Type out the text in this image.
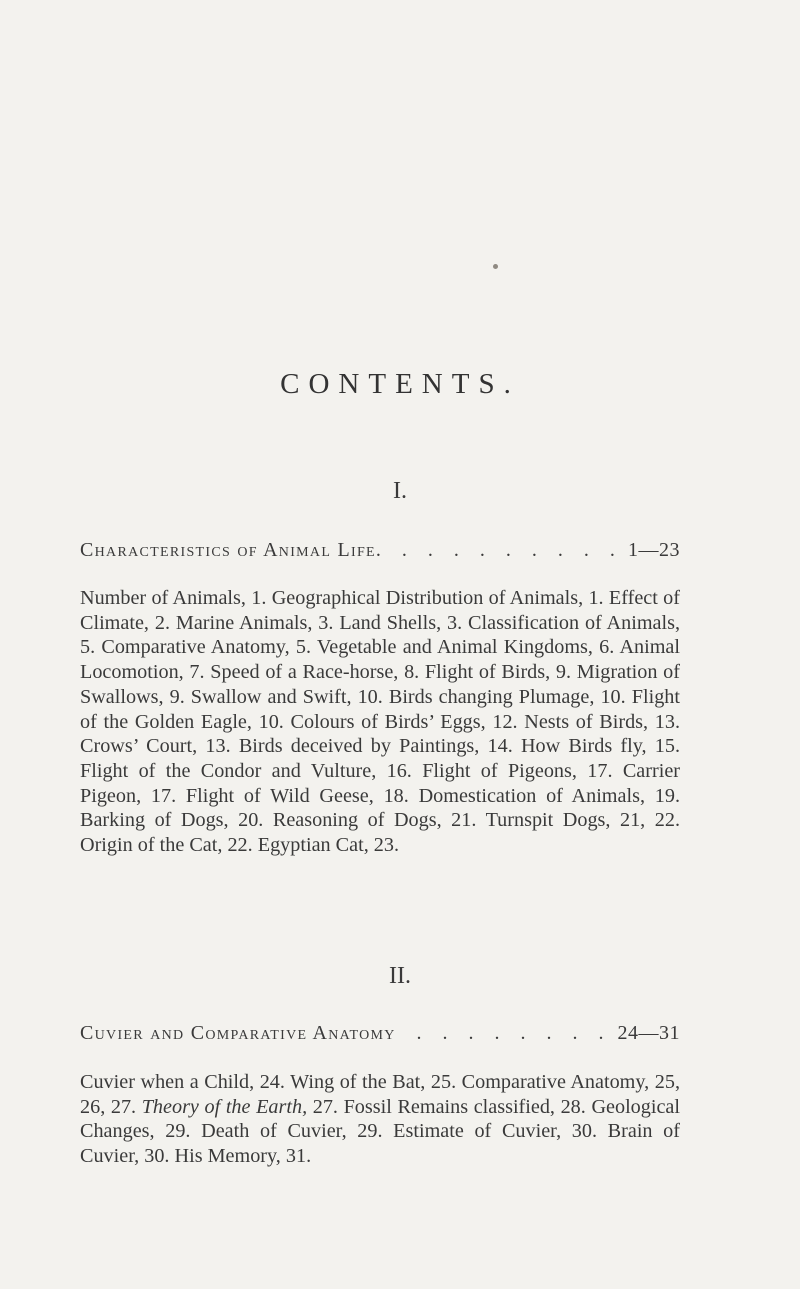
CONTENTS.
I.
Characteristics of Animal Life . . . . . . . . . . 1—23

Number of Animals, 1. Geographical Distribution of Animals, 1. Effect of Climate, 2. Marine Animals, 3. Land Shells, 3. Classification of Animals, 5. Comparative Anatomy, 5. Vegetable and Animal Kingdoms, 6. Animal Locomotion, 7. Speed of a Race-horse, 8. Flight of Birds, 9. Migration of Swallows, 9. Swallow and Swift, 10. Birds changing Plumage, 10. Flight of the Golden Eagle, 10. Colours of Birds’ Eggs, 12. Nests of Birds, 13. Crows’ Court, 13. Birds deceived by Paintings, 14. How Birds fly, 15. Flight of the Condor and Vulture, 16. Flight of Pigeons, 17. Carrier Pigeon, 17. Flight of Wild Geese, 18. Domestication of Animals, 19. Barking of Dogs, 20. Reasoning of Dogs, 21. Turnspit Dogs, 21, 22. Origin of the Cat, 22. Egyptian Cat, 23.

II.
Cuvier and Comparative Anatomy	. . . . . . . . 24—31

Cuvier when a Child, 24. Wing of the Bat, 25. Comparative Anatomy, 25, 26, 27. Theory of the Earth, 27. Fossil Remains classified, 28. Geological Changes, 29. Death of Cuvier, 29. Estimate of Cuvier, 30. Brain of Cuvier, 30. His Memory, 31.
